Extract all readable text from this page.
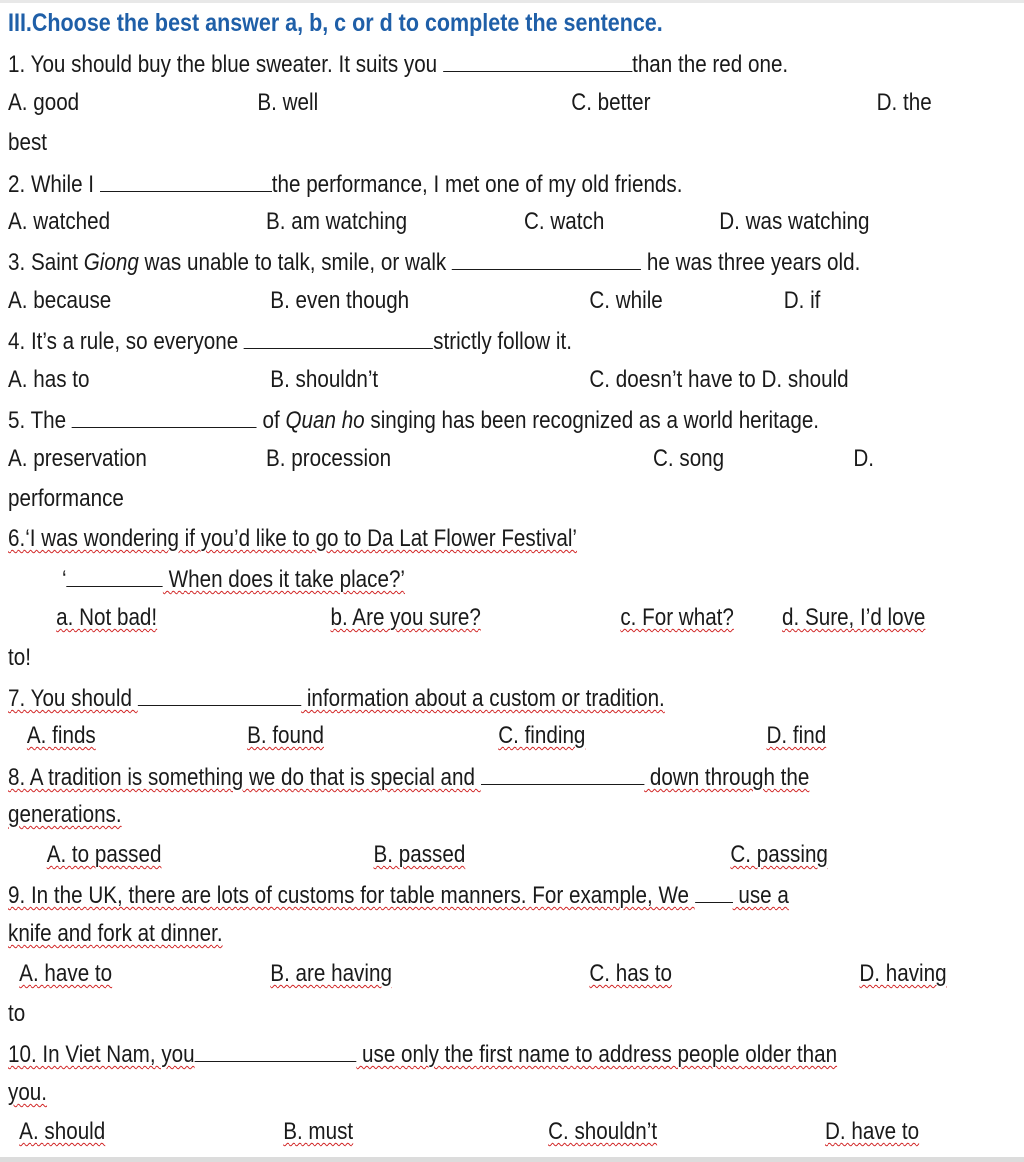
III.Choose the best answer a, b, c or d to complete the sentence.
1. You should buy the blue sweater. It suits you	than the red one.
A. good	B. well	C. better	D. the
best
2. While I	the performance, I met one of my old friends.
A. watched	B. am watching	C. watch	D. was watching
3. Saint Giong was unable to talk, smile, or walk	he was three years old.
A. because	B. even though	C. while	D. if
4. It’s a rule, so everyone	strictly follow it.
A. has to	B. shouldn’t	C. doesn’t have to D. should
5. The	of Quan ho singing has been recognized as a world heritage.
A. preservation	B. procession	C. song	D.
performance
6.‘I was wondering if you’d like to go to Da Lat Flower Festival’
‘	When does it take place?’
a. Not bad!	b. Are you sure?	c. For what? d. Sure, I’d love
to!
7. You should	information about a custom or tradition.
A. finds	B. found	C. finding	D. find
8. A tradition is something we do that is special and	down through the
generations.
A. to passed	B. passed	C. passing
9. In the UK, there are lots of customs for table manners. For example, We  use a
knife and fork at dinner.
A. have to	B. are having	C. has to	D. having
to
10. In Viet Nam, you	use only the first name to address people older than
you.
A. should	B. must	C. shouldn’t	D. have to
